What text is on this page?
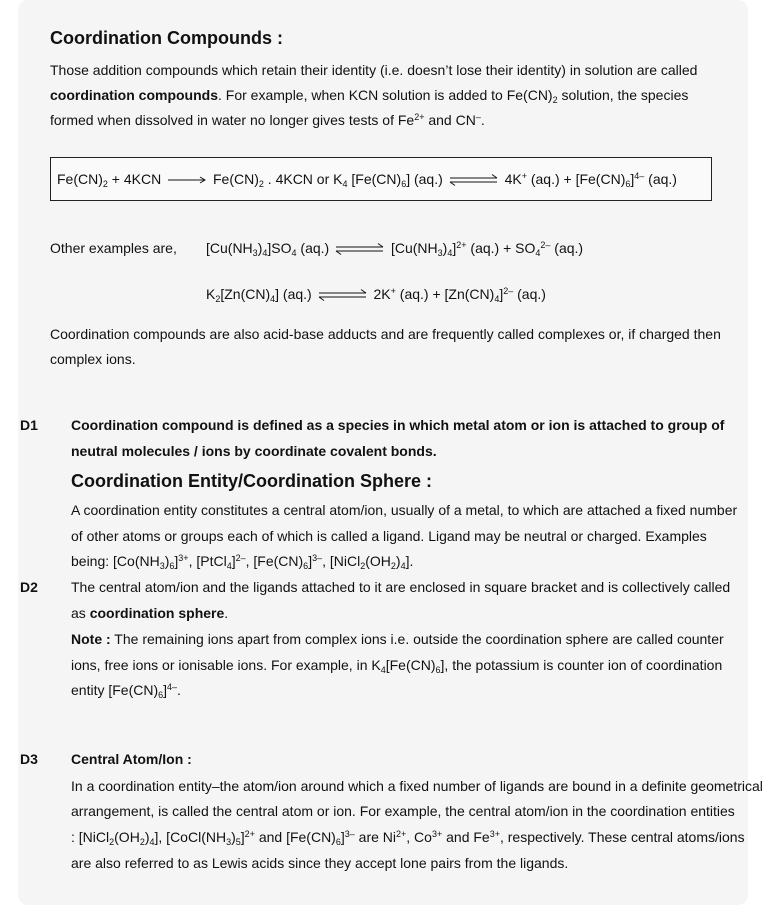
Coordination Compounds :
Those addition compounds which retain their identity (i.e. doesn’t lose their identity) in solution are called
coordination compounds. For example, when KCN solution is added to $Fe(CN)_2$ solution, the species
formed when dissolved in water no longer gives tests of $Fe^{2+}$ and CN–.
$Fe(CN)_2 + 4KCN \to Fe(CN)_2$ . 4KCN or $K_4$ $[Fe(CN)_6]$ (aq.) ⇌ 4K+ $(aq.) + [Fe(CN)_6]^{4-}$ (aq.)
Other examples are, $[Cu(NH_3)_4]SO_4$ (aq.) ⇌ $[Cu(NH_3)_4]^{2+}$ $(aq.) + SO_4^{2-}$ (aq.)
$K_2[Zn(CN)_4]$ (aq.) ⇌ 2K+ $(aq.) + [Zn(CN)_4]^{2-}$ (aq.)
Coordination compounds are also acid-base adducts and are frequently called complexes or, if charged then
complex ions.
D1 Coordination compound is defined as a species in which metal atom or ion is attached to group of
neutral molecules / ions by coordinate covalent bonds.
Coordination Entity/Coordination Sphere :
A coordination entity constitutes a central atom/ion, usually of a metal, to which are attached a fixed number
of other atoms or groups each of which is called a ligand. Ligand may be neutral or charged. Examples
being: $[Co(NH_3)_6]^{3+}$, [PtCl$_4$]$^{2-}$, $[Fe(CN)_6]^{3-}$, $[NiCl_2(OH_2)_4]$.
D2 The central atom/ion and the ligands attached to it are enclosed in square bracket and is collectively called
as coordination sphere.
Note : The remaining ions apart from complex ions i.e. outside the coordination sphere are called counter
ions, free ions or ionisable ions. For example, in $K_4[Fe(CN)_6]$, the potassium is counter ion of coordination
entity $[Fe(CN)_6]^{4-}$.
D3 Central Atom/Ion :
In a coordination entity–the atom/ion around which a fixed number of ligands are bound in a definite geometrical
arrangement, is called the central atom or ion. For example, the central atom/ion in the coordination entities
: $[NiCl_2(OH_2)_4]$, $[CoCl(NH_3)_5]^{2+}$ and $[Fe(CN)_6]^{3-}$ are $Ni^{2+}$, $Co^{3+}$ and $Fe^{3+}$, respectively. These central atoms/ions
are also referred to as Lewis acids since they accept lone pairs from the ligands.
